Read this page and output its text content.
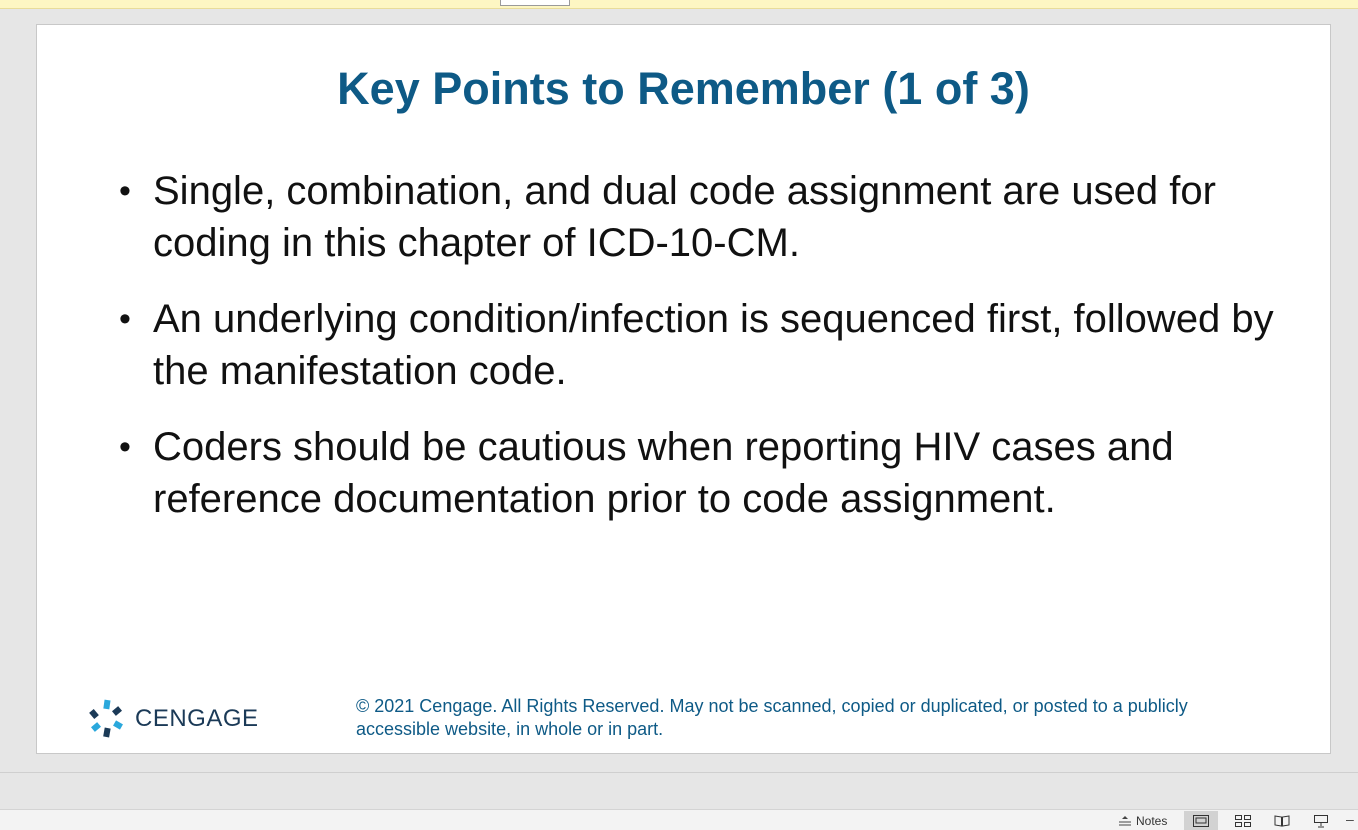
Key Points to Remember (1 of 3)
• Single, combination, and dual code assignment are used for coding in this chapter of ICD-10-CM.
• An underlying condition/infection is sequenced first, followed by the manifestation code.
• Coders should be cautious when reporting HIV cases and reference documentation prior to code assignment.
CENGAGE	© 2021 Cengage. All Rights Reserved. May not be scanned, copied or duplicated, or posted to a publicly accessible website, in whole or in part.

Notes	–
